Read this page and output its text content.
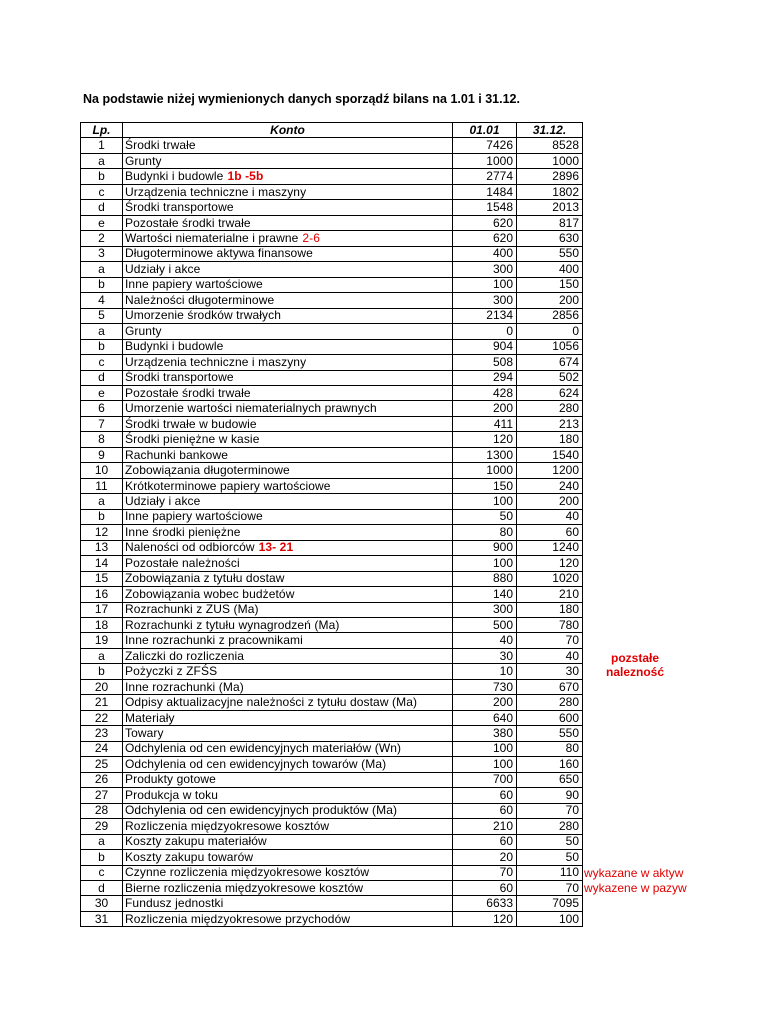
Na podstawie niżej wymienionych danych sporządź bilans na 1.01 i 31.12.
Lp.	Konto	01.01	31.12.
1	Środki trwałe	7426	8528
a	Grunty	1000	1000
b	Budynki i budowle 1b -5b	2774	2896
c	Urządzenia techniczne i maszyny	1484	1802
d	Środki transportowe	1548	2013
e	Pozostałe środki trwałe	620	817
2	Wartości niematerialne i prawne 2-6	620	630
3	Długoterminowe aktywa finansowe	400	550
a	Udziały i akce	300	400
b	Inne papiery wartościowe	100	150
4	Należności długoterminowe	300	200
5	Umorzenie środków trwałych	2134	2856
a	Grunty	0	0
b	Budynki i budowle	904	1056
c	Urządzenia techniczne i maszyny	508	674
d	Środki transportowe	294	502
e	Pozostałe środki trwałe	428	624
6	Umorzenie wartości niematerialnych prawnych	200	280
7	Środki trwałe w budowie	411	213
8	Środki pieniężne w kasie	120	180
9	Rachunki bankowe	1300	1540
10	Zobowiązania długoterminowe	1000	1200
11	Krótkoterminowe papiery wartościowe	150	240
a	Udziały i akce	100	200
b	Inne papiery wartościowe	50	40
12	Inne środki pieniężne	80	60
13	Naleności od odbiorców 13- 21	900	1240
14	Pozostałe należności	100	120
15	Zobowiązania z tytułu dostaw	880	1020
16	Zobowiązania wobec budżetów	140	210
17	Rozrachunki z ZUS (Ma)	300	180
18	Rozrachunki z tytułu wynagrodzeń (Ma)	500	780
19	Inne rozrachunki z pracownikami	40	70
a	Zaliczki do rozliczenia	30	40
b	Pożyczki z ZFŚS	10	30
20	Inne rozrachunki (Ma)	730	670
21	Odpisy aktualizacyjne należności z tytułu dostaw (Ma)	200	280
22	Materiały	640	600
23	Towary	380	550
24	Odchylenia od cen ewidencyjnych materiałów (Wn)	100	80
25	Odchylenia od cen ewidencyjnych towarów (Ma)	100	160
26	Produkty gotowe	700	650
27	Produkcja w toku	60	90
28	Odchylenia od cen ewidencyjnych produktów (Ma)	60	70
29	Rozliczenia międzyokresowe kosztów	210	280
a	Koszty zakupu materiałów	60	50
b	Koszty zakupu towarów	20	50
c	Czynne rozliczenia międzyokresowe kosztów	70	110
d	Bierne rozliczenia międzyokresowe kosztów	60	70
30	Fundusz jednostki	6633	7095
31	Rozliczenia międzyokresowe przychodów	120	100
pozstałe
nalezność
wykazane w aktyw
wykazene w pazyw
